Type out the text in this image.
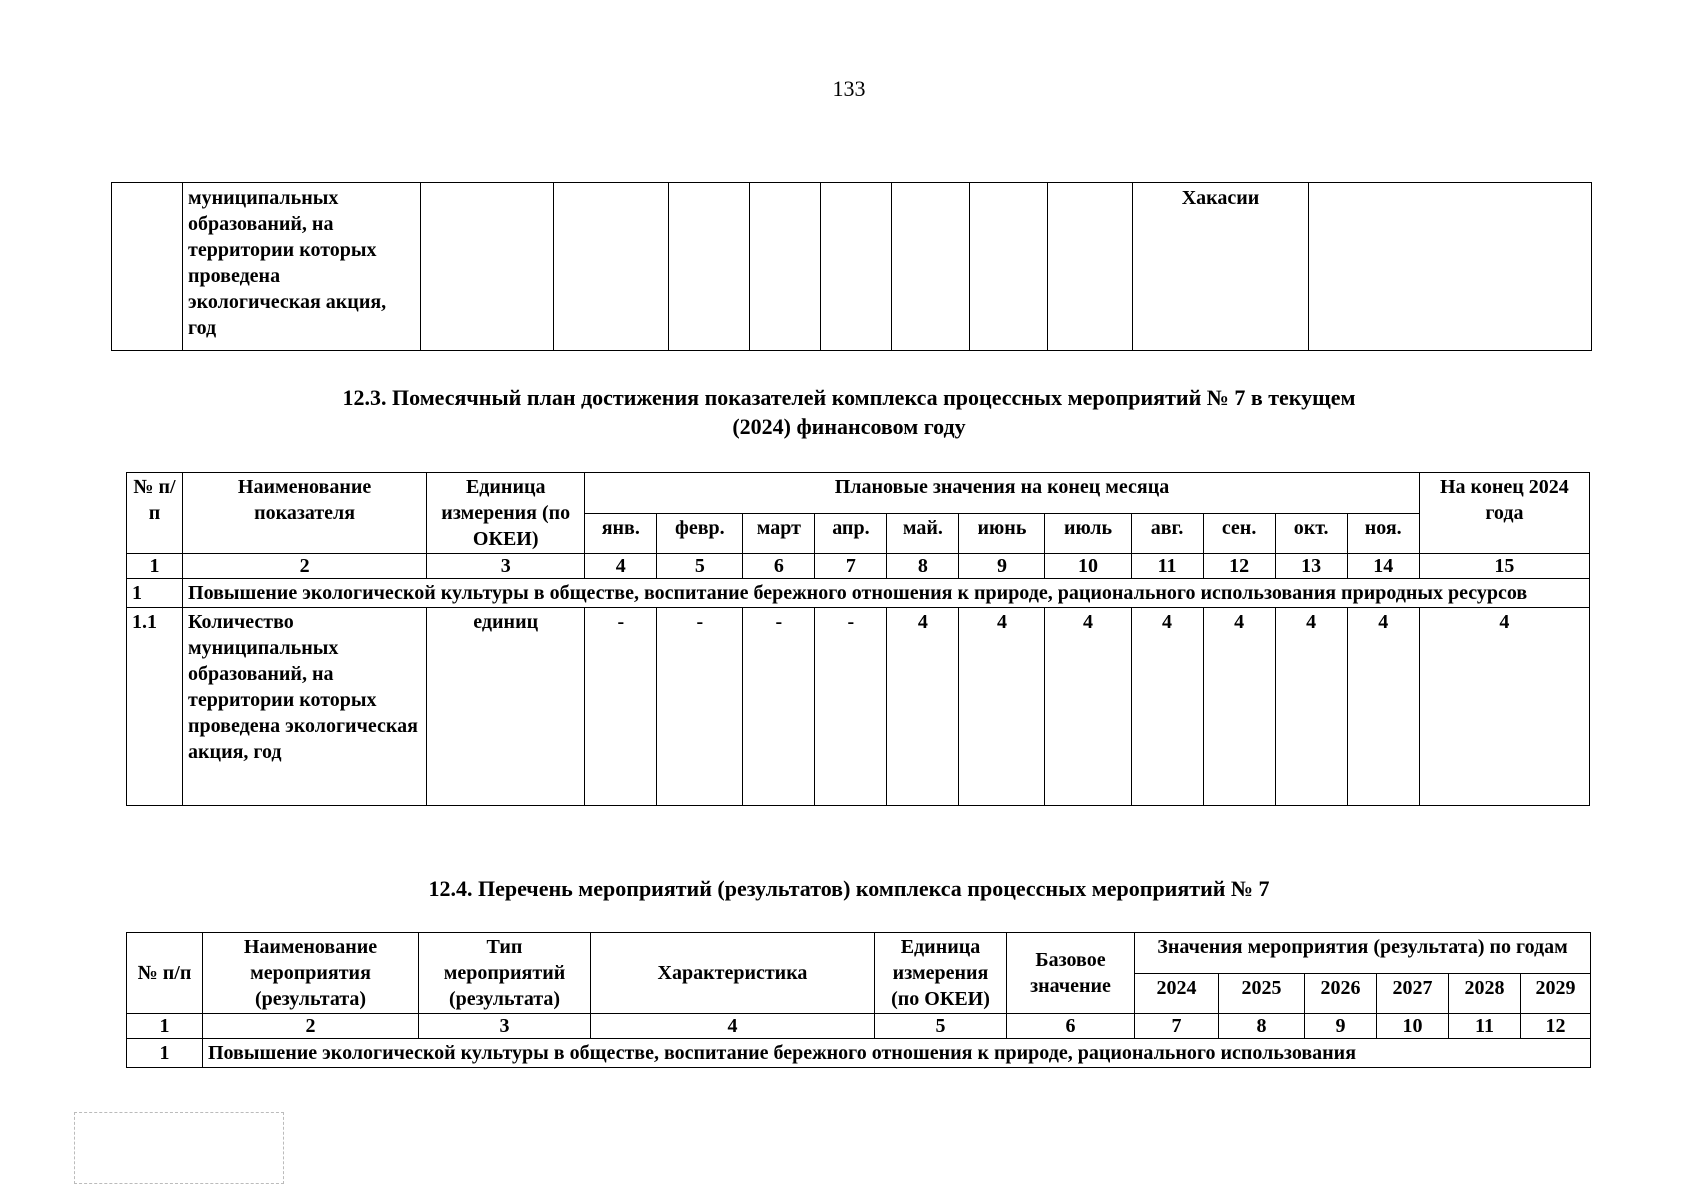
133
	муниципальных образований, на территории которых проведена экологическая акция, год									Хакасии	
12.3. Помесячный план достижения показателей комплекса процессных мероприятий № 7 в текущем
(2024) финансовом году
№ п/п	Наименование показателя	Единица измерения (по ОКЕИ)	Плановые значения на конец месяца											На конец 2024 года
			янв.	февр.	март	апр.	май.	июнь	июль	авг.	сен.	окт.	ноя.	
1	2	3	4	5	6	7	8	9	10	11	12	13	14	15
1	Повышение экологической культуры в обществе, воспитание бережного отношения к природе, рационального использования природных ресурсов													
1.1	Количество муниципальных образований, на территории которых проведена экологическая акция, год	единиц	-	-	-	-	4	4	4	4	4	4	4	4
12.4. Перечень мероприятий (результатов) комплекса процессных мероприятий № 7
№ п/п	Наименование мероприятия (результата)	Тип мероприятий (результата)	Характеристика	Единица измерения (по ОКЕИ)	Базовое значение	Значения мероприятия (результата) по годам					
						2024	2025	2026	2027	2028	2029
1	2	3	4	5	6	7	8	9	10	11	12
1	Повышение экологической культуры в обществе, воспитание бережного отношения к природе, рационального использования										
